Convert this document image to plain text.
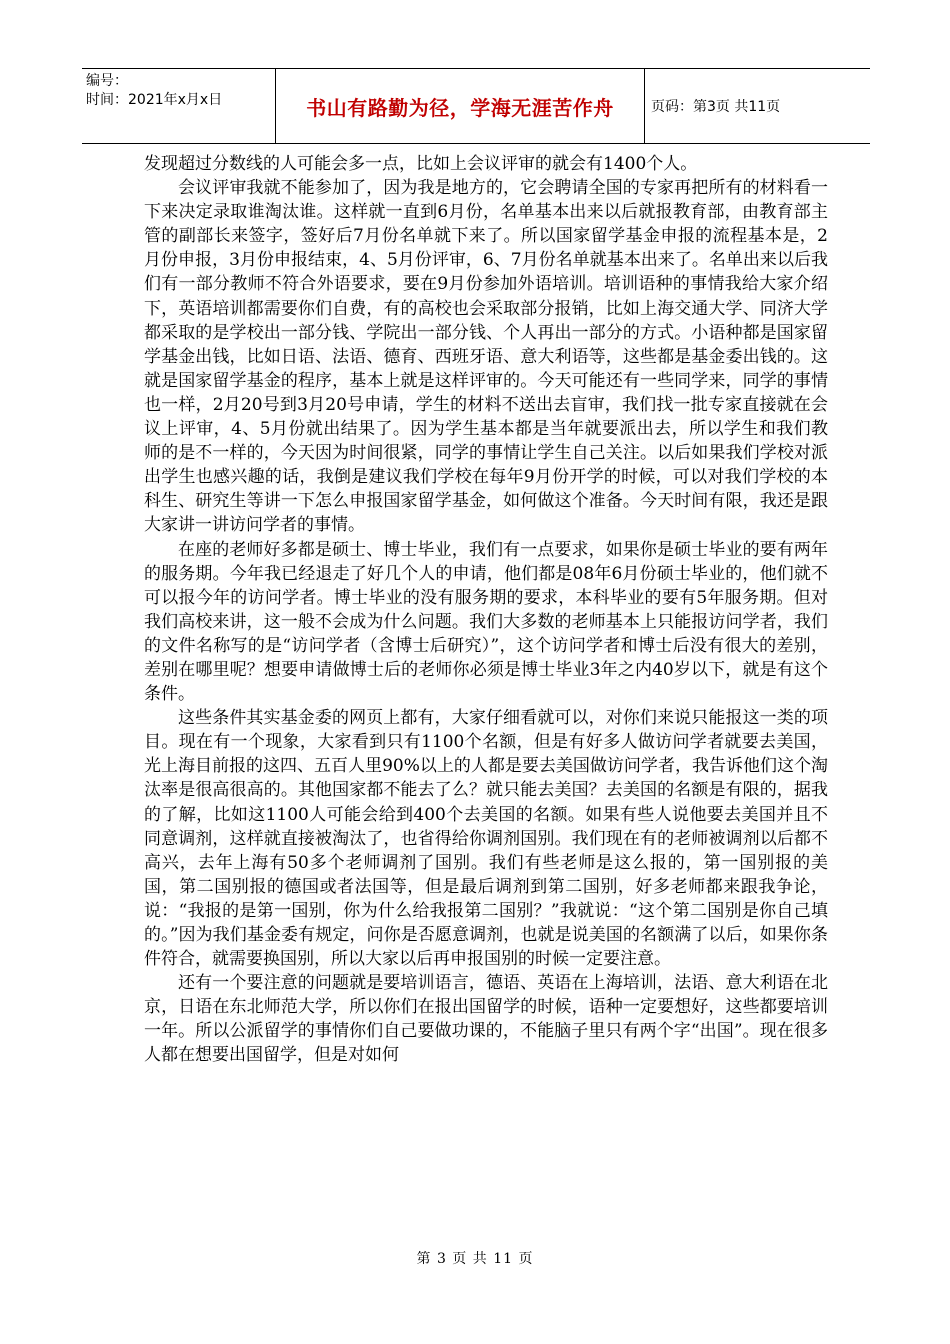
编号：
时间：2021年x月x日	书山有路勤为径，学海无涯苦作舟	页码：第3页 共11页

发现超过分数线的人可能会多一点，比如上会议评审的就会有1400个人。

会议评审我就不能参加了，因为我是地方的，它会聘请全国的专家再把所有的材料看一下来决定录取谁淘汰谁。这样就一直到6月份，名单基本出来以后就报教育部，由教育部主管的副部长来签字，签好后7月份名单就下来了。所以国家留学基金申报的流程基本是，2月份申报，3月份申报结束，4、5月份评审，6、7月份名单就基本出来了。名单出来以后我们有一部分教师不符合外语要求，要在9月份参加外语培训。培训语种的事情我给大家介绍下，英语培训都需要你们自费，有的高校也会采取部分报销，比如上海交通大学、同济大学都采取的是学校出一部分钱、学院出一部分钱、个人再出一部分的方式。小语种都是国家留学基金出钱，比如日语、法语、德育、西班牙语、意大利语等，这些都是基金委出钱的。这就是国家留学基金的程序，基本上就是这样评审的。今天可能还有一些同学来，同学的事情也一样，2月20号到3月20号申请，学生的材料不送出去盲审，我们找一批专家直接就在会议上评审，4、5月份就出结果了。因为学生基本都是当年就要派出去，所以学生和我们教师的是不一样的，今天因为时间很紧，同学的事情让学生自己关注。以后如果我们学校对派出学生也感兴趣的话，我倒是建议我们学校在每年9月份开学的时候，可以对我们学校的本科生、研究生等讲一下怎么申报国家留学基金，如何做这个准备。今天时间有限，我还是跟大家讲一讲访问学者的事情。

在座的老师好多都是硕士、博士毕业，我们有一点要求，如果你是硕士毕业的要有两年的服务期。今年我已经退走了好几个人的申请，他们都是08年6月份硕士毕业的，他们就不可以报今年的访问学者。博士毕业的没有服务期的要求，本科毕业的要有5年服务期。但对我们高校来讲，这一般不会成为什么问题。我们大多数的老师基本上只能报访问学者，我们的文件名称写的是“访问学者（含博士后研究）”，这个访问学者和博士后没有很大的差别，差别在哪里呢？想要申请做博士后的老师你必须是博士毕业3年之内40岁以下，就是有这个条件。

这些条件其实基金委的网页上都有，大家仔细看就可以，对你们来说只能报这一类的项目。现在有一个现象，大家看到只有1100个名额，但是有好多人做访问学者就要去美国，光上海目前报的这四、五百人里90%以上的人都是要去美国做访问学者，我告诉他们这个淘汰率是很高很高的。其他国家都不能去了么？就只能去美国？去美国的名额是有限的，据我的了解，比如这1100人可能会给到400个去美国的名额。如果有些人说他要去美国并且不同意调剂，这样就直接被淘汰了，也省得给你调剂国别。我们现在有的老师被调剂以后都不高兴，去年上海有50多个老师调剂了国别。我们有些老师是这么报的，第一国别报的美国，第二国别报的德国或者法国等，但是最后调剂到第二国别，好多老师都来跟我争论，说：“我报的是第一国别，你为什么给我报第二国别？”我就说：“这个第二国别是你自己填的。”因为我们基金委有规定，问你是否愿意调剂，也就是说美国的名额满了以后，如果你条件符合，就需要换国别，所以大家以后再申报国别的时候一定要注意。

还有一个要注意的问题就是要培训语言，德语、英语在上海培训，法语、意大利语在北京，日语在东北师范大学，所以你们在报出国留学的时候，语种一定要想好，这些都要培训一年。所以公派留学的事情你们自己要做功课的，不能脑子里只有两个字“出国”。现在很多人都在想要出国留学，但是对如何

第 3 页 共 11 页
